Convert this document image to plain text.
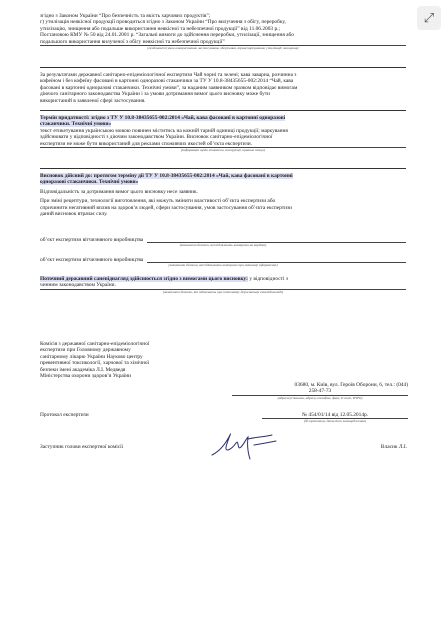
⤢

згідно з Законом України “Про безпечність та якість харчових продуктів”;

г) утилізація неякісної продукції проводиться згідно з Законом України “Про вилучення з обігу, переробку,

утилізацію, знищення або подальше використання неякісної та небезпечної продукції” від 11.06.2003 р.;

Постановою КМУ № 50 від 24.01.2001 р. “Загальні вимоги до здійснення переробки, утилізації, знищення або

подальшого використання вилученої з обігу неякісної та небезпечної продукції”

(особливості умов використання, застосування, зберігання, транспортування, утилізації, знищення)

За результатами державної санітарно-епідеміологічної експертизи Чай чорні та зелені; кава заварна, розчинна з

кофеїном і без кофеїну фасовані в картонні одноразові стаканчики за ТУ У 10.8-38435655-002:2014 “Чай, кава

фасовані в картонні одноразові стаканчики. Технічні умови”, за наданим заявником зразком відповідає вимогам

діючого санітарного законодавства України і за умови дотримання вимог цього висновку можe бути

використаний в заявленої сфері застосування.

Термін придатності: згідно з ТУ У 10.8-38435655-002:2014 «Чай, кава фасовані в картонні одноразові

стаканчики. Технічні умови»

текст етикетування українською мовою повинен міститись на кожній тарній одиниці продукції; маркування

здійснювати у відповідності з діючим законодавством України. Висновок санітарно-епідеміологічної

експертизи не може бути використаний для реклами споживчих якостей об’єкта експертизи.

(інформація щодо етикетки, інструкції, правила тощо)

Висновок дійсний до: протягом терміну дії ТУ У 10.8-38435655-002:2014 «Чай, кава фасовані в картонні

одноразові стаканчики. Технічні умови»

Відповідальність за дотримання вимог цього висновку несе заявник.

При зміні рецептури, технології виготовлення, які можуть змінити властивості об’єкта експертизи або

спричинити негативний вплив на здоров’я людей, сфери застосування, умов застосування об’єкта експертизи

даний висновок втрачає силу.

об’єкт експертизи вітчизняного виробництва

(зазначити безпеки, які підлягають контролю на кордоні)

об’єкт експертизи вітчизняного виробництва

(зазначити безпеки, які підлягають контролю при митному оформленні)

Поточний державний санепіднагляд здійснюється згідно з вимогами цього висновку: у відповідності з

чинним законодавством України.

(зазначити безпеки, які підлягають при поточному державному санепіднагляді)

Комісія з державної санітарно-епідеміологічної

експертизи при Головному державному

санітарному лікарю України Науково центру

превентивної токсикології, харчової та хімічної

безпеки імені академіка Л.І. Медведя

Міністерства охорони здоров’я України

03680, м. Київ, вул. Героїв Оборони, 6, тел.: (044)

258-47-73

(адреса/установа, адреса, телефон, факс, E-mail, WWW)

Протокол експертизи	№ 454/01/14 від 12.05.2014р.

(№ протоколу, дата його затвердження)

Заступник голови експертної комісії	Власик Л.І.
